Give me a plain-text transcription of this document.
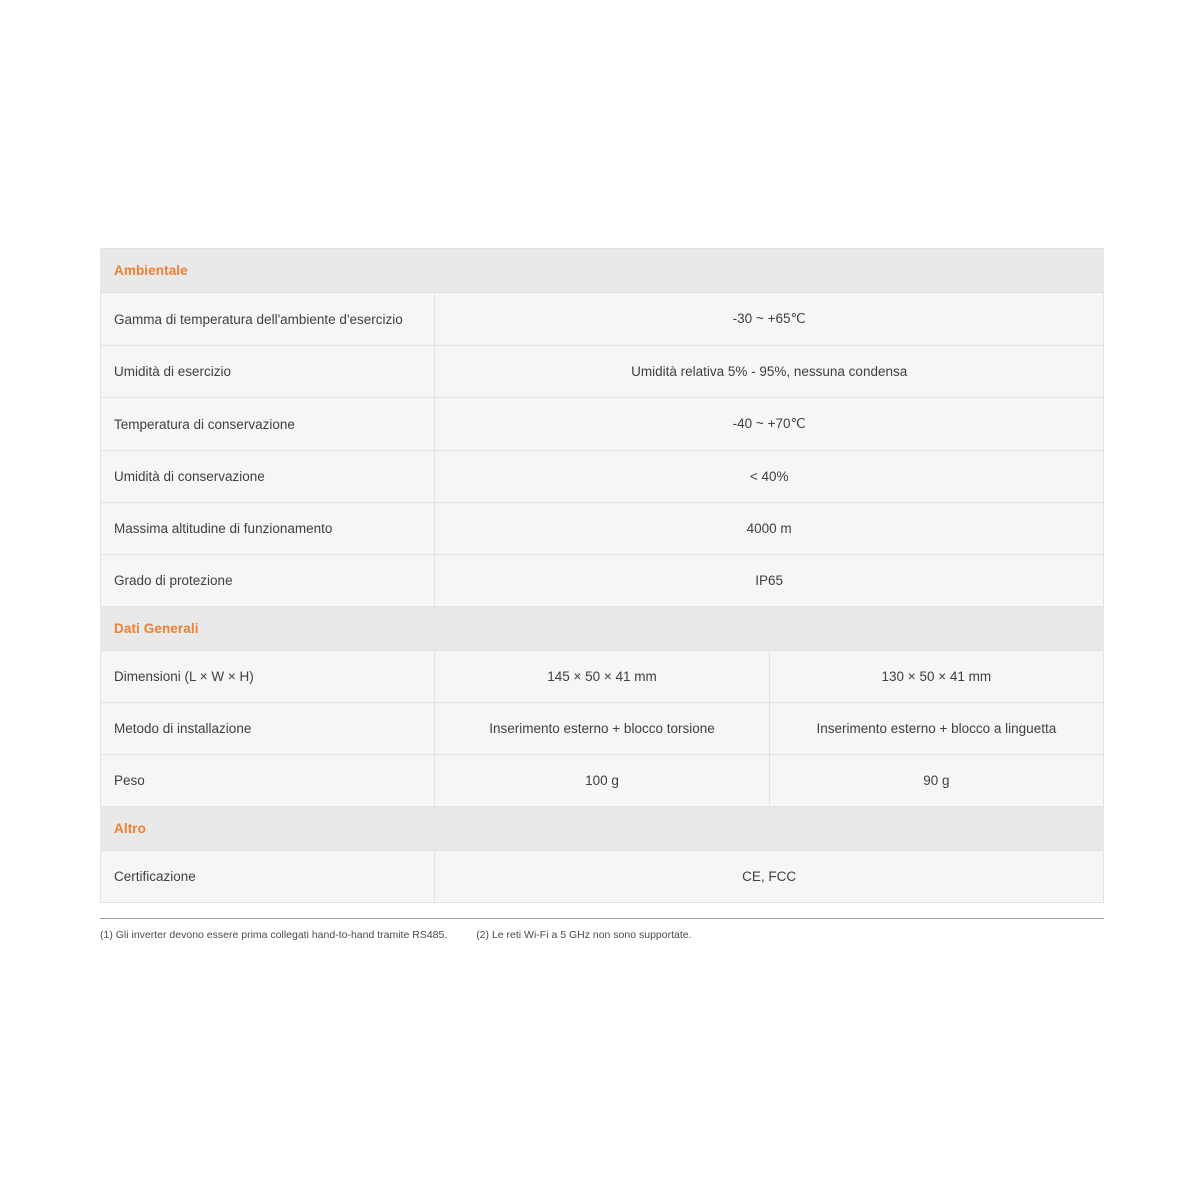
Ambientale		
Gamma di temperatura dell'ambiente d'esercizio	-30 ~ +65℃	
Umidità di esercizio	Umidità relativa 5% - 95%, nessuna condensa	
Temperatura di conservazione	-40 ~ +70℃	
Umidità di conservazione	< 40%	
Massima altitudine di funzionamento	4000 m	
Grado di protezione	IP65	
Dati Generali		
Dimensioni (L × W × H)	145 × 50 × 41 mm	130 × 50 × 41 mm
Metodo di installazione	Inserimento esterno + blocco torsione	Inserimento esterno + blocco a linguetta
Peso	100 g	90 g
Altro		
Certificazione	CE, FCC	
(1) Gli inverter devono essere prima collegati hand-to-hand tramite RS485.	(2) Le reti Wi-Fi a 5 GHz non sono supportate.
